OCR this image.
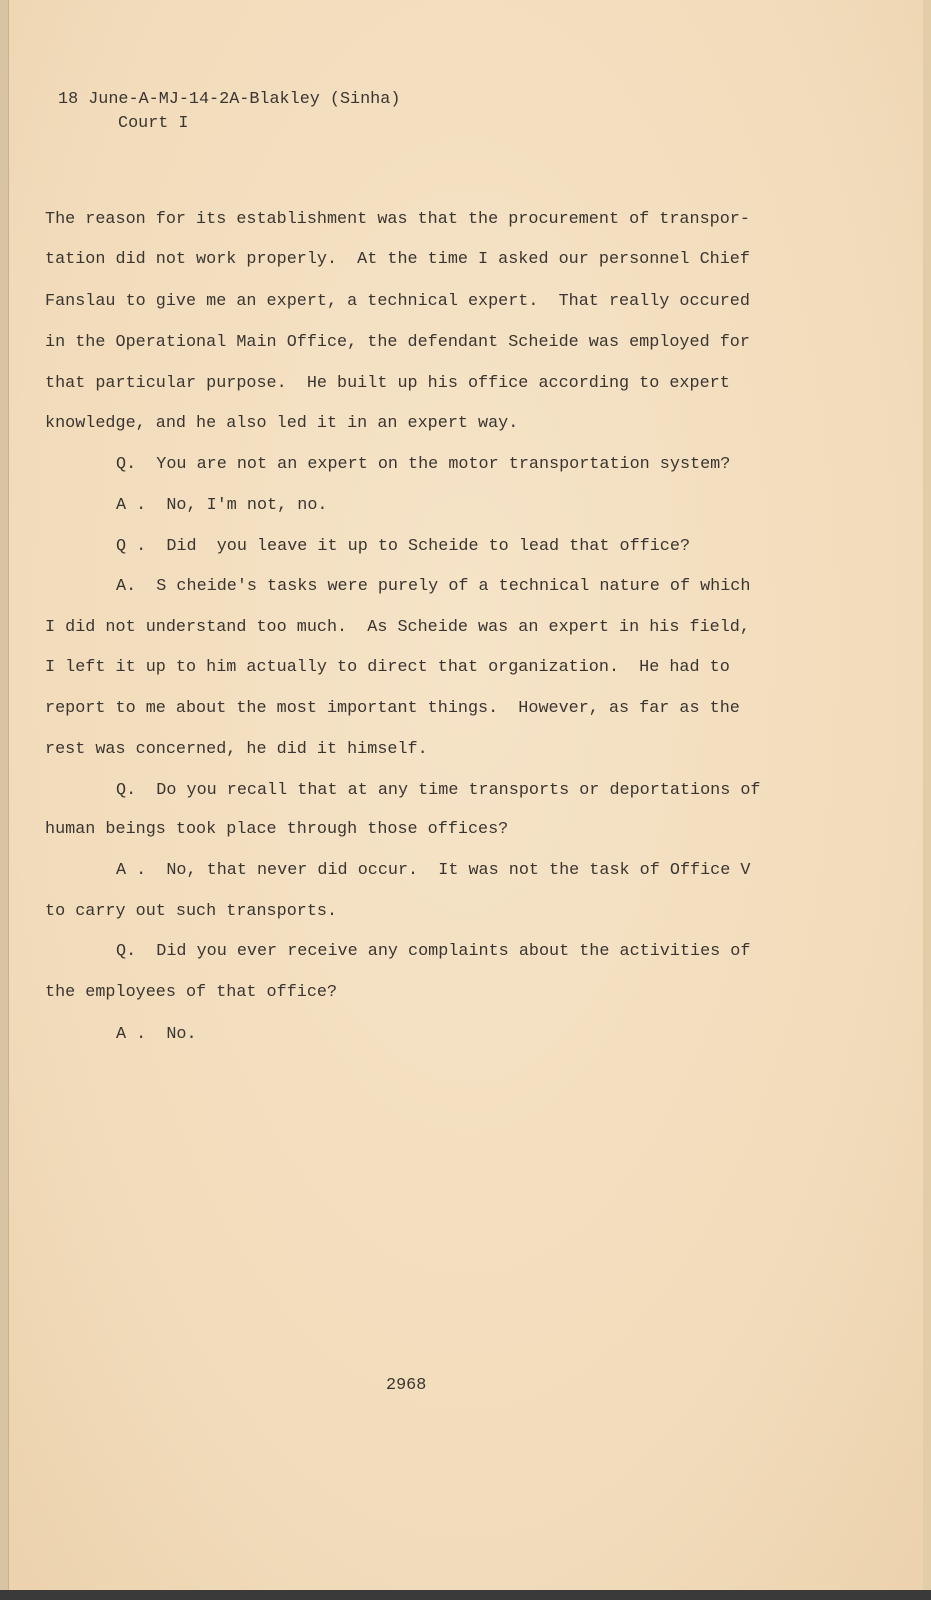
18 June-A-MJ-14-2A-Blakley (Sinha)
Court I
The reason for its establishment was that the procurement of transpor-
tation did not work properly.  At the time I asked our personnel Chief
Fanslau to give me an expert, a technical expert.  That really occured
in the Operational Main Office, the defendant Scheide was employed for
that particular purpose.  He built up his office according to expert
knowledge, and he also led it in an expert way.
Q.  You are not an expert on the motor transportation system?
A .  No, I'm not, no.
Q .  Did  you leave it up to Scheide to lead that office?
A.  S cheide's tasks were purely of a technical nature of which
I did not understand too much.  As Scheide was an expert in his field,
I left it up to him actually to direct that organization.  He had to
report to me about the most important things.  However, as far as the
rest was concerned, he did it himself.
Q.  Do you recall that at any time transports or deportations of
human beings took place through those offices?
A .  No, that never did occur.  It was not the task of Office V
to carry out such transports.
Q.  Did you ever receive any complaints about the activities of
the employees of that office?
A .  No.
2968
